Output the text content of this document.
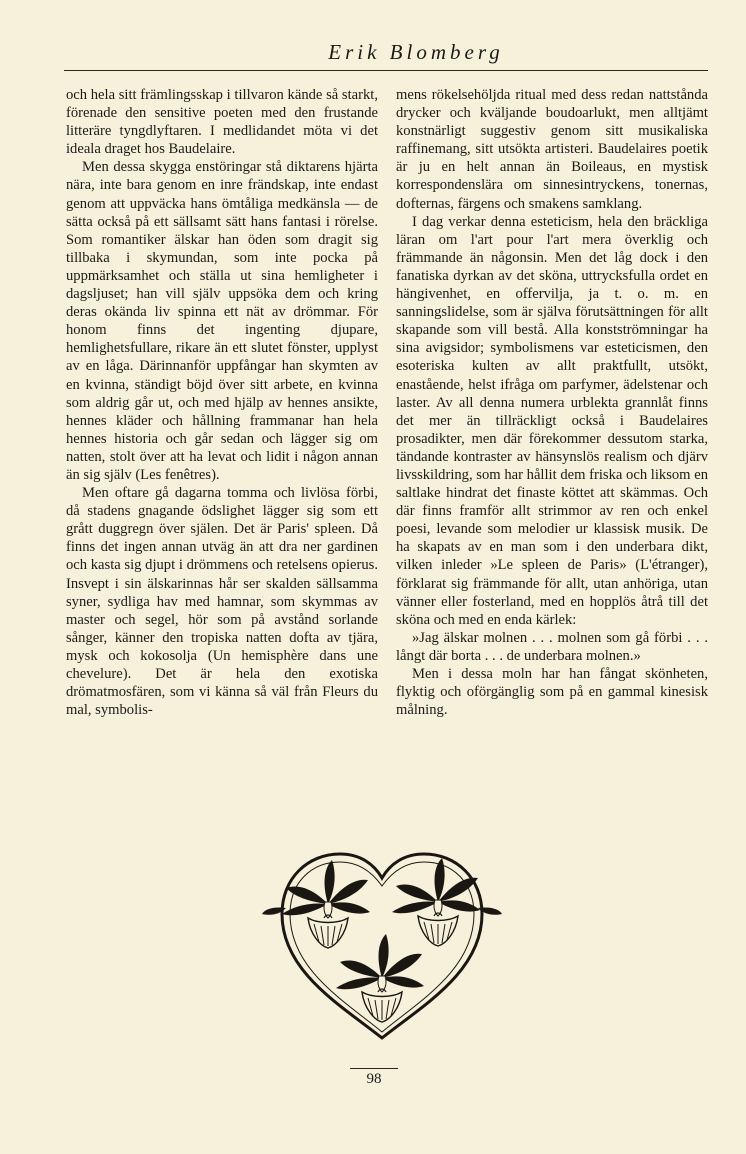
Erik Blomberg

och hela sitt främlingsskap i tillvaron kände så starkt, förenade den sensitive poeten med den frustande litteräre tyngdlyftaren. I medlidandet möta vi det ideala draget hos Baudelaire.

Men dessa skygga enstöringar stå diktarens hjärta nära, inte bara genom en inre frändskap, inte endast genom att uppväcka hans ömtåliga medkänsla — de sätta också på ett sällsamt sätt hans fantasi i rörelse. Som romantiker älskar han öden som dragit sig tillbaka i skymundan, som inte pocka på uppmärksamhet och ställa ut sina hemligheter i dagsljuset; han vill själv uppsöka dem och kring deras okända liv spinna ett nät av drömmar. För honom finns det ingenting djupare, hemlighetsfullare, rikare än ett slutet fönster, upplyst av en låga. Därinnanför uppfångar han skymten av en kvinna, ständigt böjd över sitt arbete, en kvinna som aldrig går ut, och med hjälp av hennes ansikte, hennes kläder och hållning frammanar han hela hennes historia och går sedan och lägger sig om natten, stolt över att ha levat och lidit i någon annan än sig själv (Les fenêtres).

Men oftare gå dagarna tomma och livlösa förbi, då stadens gnagande ödslighet lägger sig som ett grått duggregn över själen. Det är Paris' spleen. Då finns det ingen annan utväg än att dra ner gardinen och kasta sig djupt i drömmens och retelsens opierus. Insvept i sin älskarinnas hår ser skalden sällsamma syner, sydliga hav med hamnar, som skymmas av master och segel, hör som på avstånd sorlande sånger, känner den tropiska natten dofta av tjära, mysk och kokosolja (Un hemisphère dans une chevelure). Det är hela den exotiska drömatmosfären, som vi känna så väl från Fleurs du mal, symbolis-

mens rökelsehöljda ritual med dess redan nattstånda drycker och kväljande boudoarlukt, men alltjämt konstnärligt suggestiv genom sitt musikaliska raffinemang, sitt utsökta artisteri. Baudelaires poetik är ju en helt annan än Boileaus, en mystisk korrespondenslära om sinnesintryckens, tonernas, dofternas, färgens och smakens samklang.

I dag verkar denna esteticism, hela den bräckliga läran om l'art pour l'art mera överklig och främmande än någonsin. Men det låg dock i den fanatiska dyrkan av det sköna, uttrycksfulla ordet en hängivenhet, en offervilja, ja t. o. m. en sanningslidelse, som är själva förutsättningen för allt skapande som vill bestå. Alla konstströmningar ha sina avigsidor; symbolismens var esteticismen, den esoteriska kulten av allt praktfullt, utsökt, enastående, helst ifråga om parfymer, ädelstenar och laster. Av all denna numera urblekta grannlåt finns det mer än tillräckligt också i Baudelaires prosadikter, men där förekommer dessutom starka, tändande kontraster av hänsynslös realism och djärv livsskildring, som har hållit dem friska och liksom en saltlake hindrat det finaste köttet att skämmas. Och där finns framför allt strimmor av ren och enkel poesi, levande som melodier ur klassisk musik. De ha skapats av en man som i den underbara dikt, vilken inleder »Le spleen de Paris» (L'étranger), förklarat sig främmande för allt, utan anhöriga, utan vänner eller fosterland, med en hopplös åtrå till det sköna och med en enda kärlek:

»Jag älskar molnen . . . molnen som gå förbi . . . långt där borta . . . de underbara molnen.»

Men i dessa moln har han fångat skönheten, flyktig och oförgänglig som på en gammal kinesisk målning.

98
